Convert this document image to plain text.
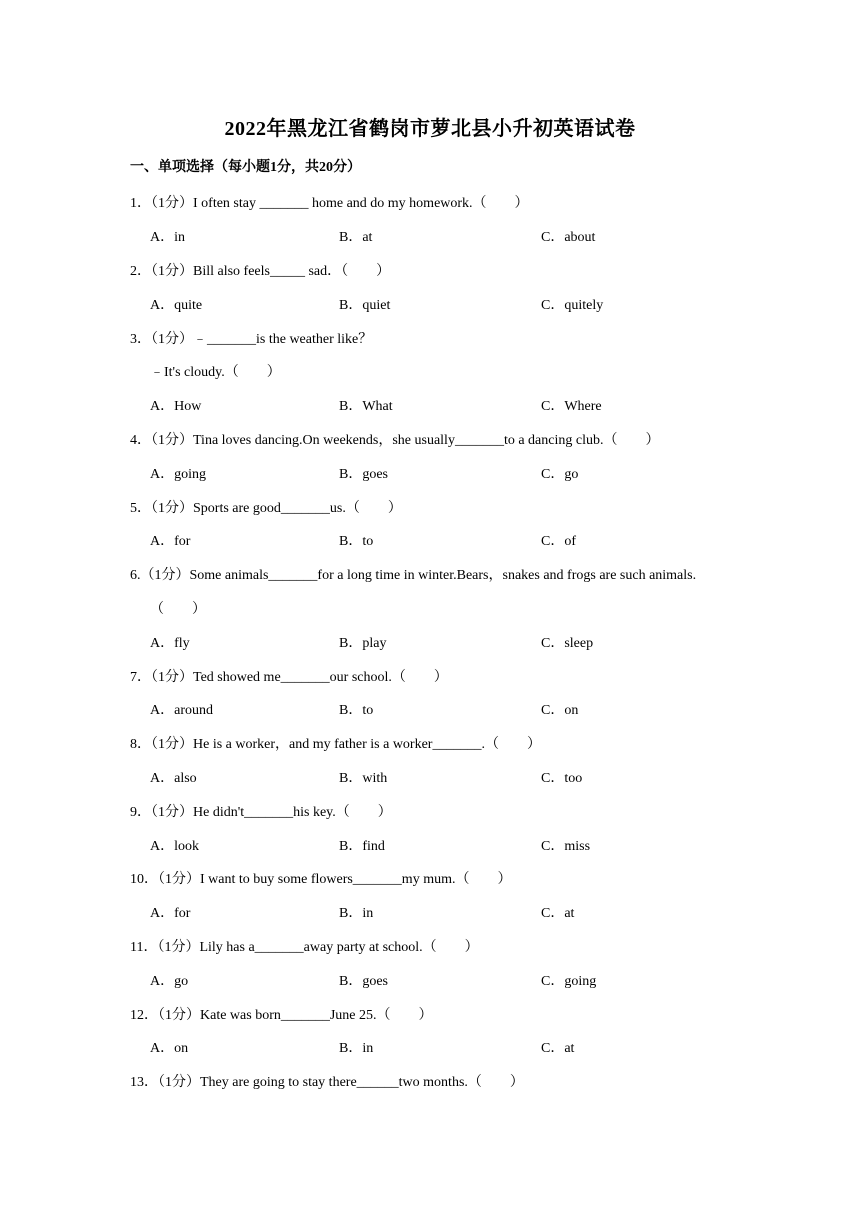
2022年黑龙江省鹤岗市萝北县小升初英语试卷
一、单项选择（每小题1分，共20分）
1．（1分）I often stay _______ home and do my homework.（　　）
A．in	B．at	C．about
2．（1分）Bill also feels_____ sad．（　　）
A．quite	B．quiet	C．quitely
3．（1分）﹣_______is the weather like？
﹣It's cloudy.（　　）
A．How	B．What	C．Where
4．（1分）Tina loves dancing.On weekends，she usually_______to a dancing club.（　　）
A．going	B．goes	C．go
5．（1分）Sports are good_______us.（　　）
A．for	B．to	C．of
6.（1分）Some animals_______for a long time in winter.Bears，snakes and frogs are such animals.
（　　）
A．fly	B．play	C．sleep
7．（1分）Ted showed me_______our school.（　　）
A．around	B．to	C．on
8．（1分）He is a worker，and my father is a worker_______.（　　）
A．also	B．with	C．too
9．（1分）He didn't_______his key.（　　）
A．look	B．find	C．miss
10．（1分）I want to buy some flowers_______my mum.（　　）
A．for	B．in	C．at
11．（1分）Lily has a_______away party at school.（　　）
A．go	B．goes	C．going
12．（1分）Kate was born_______June 25.（　　）
A．on	B．in	C．at
13．（1分）They are going to stay there______two months.（　　）
